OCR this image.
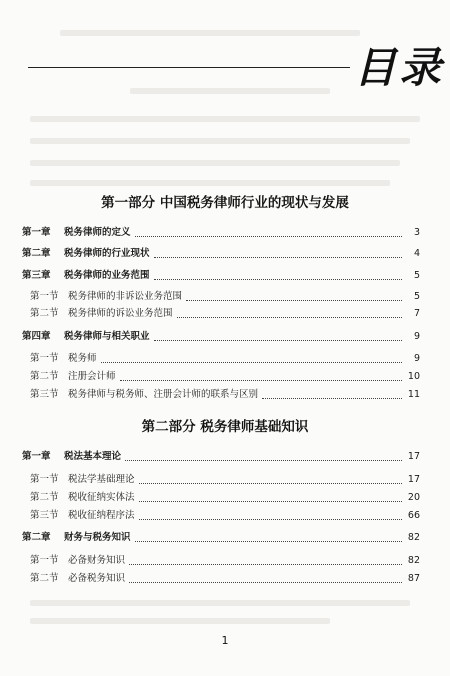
目录
第一部分 中国税务律师行业的现状与发展
第一章	税务律师的定义	3
第二章	税务律师的行业现状	4
第三章	税务律师的业务范围	5
第一节 税务律师的非诉讼业务范围	5
第二节 税务律师的诉讼业务范围	7
第四章	税务律师与相关职业	9
第一节 税务师	9
第二节 注册会计师	10
第三节 税务律师与税务师、注册会计师的联系与区别	11
第二部分 税务律师基础知识
第一章	税法基本理论	17
第一节 税法学基础理论	17
第二节 税收征纳实体法	20
第三节 税收征纳程序法	66
第二章	财务与税务知识	82
第一节 必备财务知识	82
第二节 必备税务知识	87
1
